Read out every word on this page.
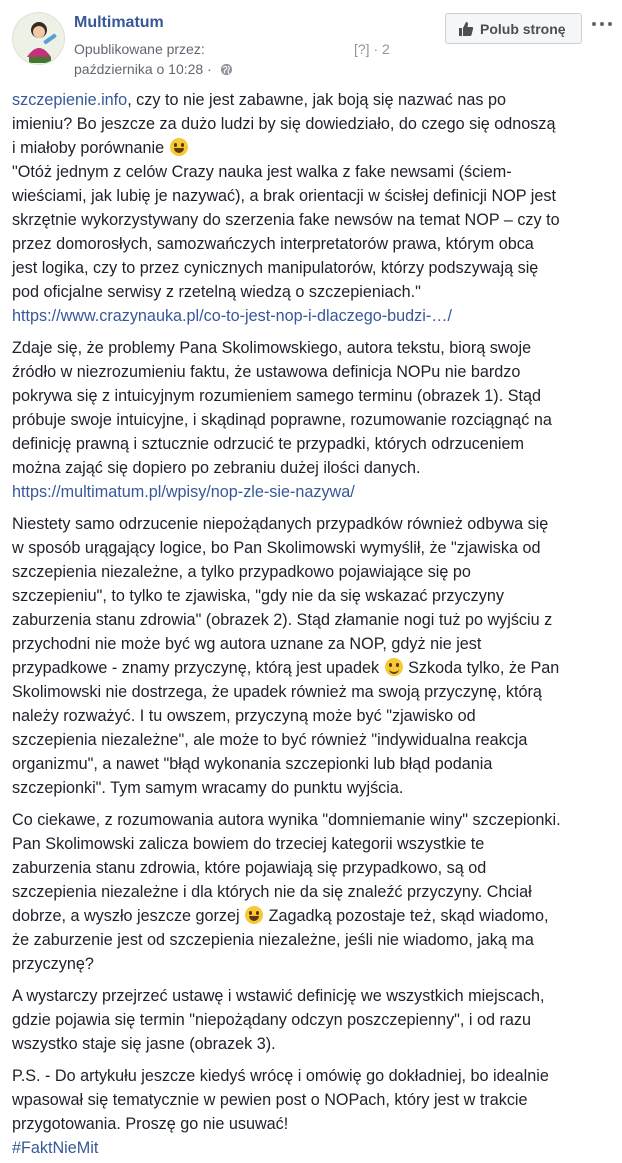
Multimatum
Opublikowane przez:	[?] · 2
października o 10:28 ·
Polub stronę
szczepienie.info, czy to nie jest zabawne, jak boją się nazwać nas po
imieniu? Bo jeszcze za dużo ludzi by się dowiedziało, do czego się odnoszą
i miałoby porównanie
"Otóż jednym z celów Crazy nauka jest walka z fake newsami (ściem-
wieściami, jak lubię je nazywać), a brak orientacji w ścisłej definicji NOP jest
skrzętnie wykorzystywany do szerzenia fake newsów na temat NOP – czy to
przez domorosłych, samozwańczych interpretatorów prawa, którym obca
jest logika, czy to przez cynicznych manipulatorów, którzy podszywają się
pod oficjalne serwisy z rzetelną wiedzą o szczepieniach."
https://www.crazynauka.pl/co-to-jest-nop-i-dlaczego-budzi-…/
Zdaje się, że problemy Pana Skolimowskiego, autora tekstu, biorą swoje
źródło w niezrozumieniu faktu, że ustawowa definicja NOPu nie bardzo
pokrywa się z intuicyjnym rozumieniem samego terminu (obrazek 1). Stąd
próbuje swoje intuicyjne, i skądinąd poprawne, rozumowanie rozciągnąć na
definicję prawną i sztucznie odrzucić te przypadki, których odrzuceniem
można zająć się dopiero po zebraniu dużej ilości danych.
https://multimatum.pl/wpisy/nop-zle-sie-nazywa/
Niestety samo odrzucenie niepożądanych przypadków również odbywa się
w sposób urągający logice, bo Pan Skolimowski wymyślił, że "zjawiska od
szczepienia niezależne, a tylko przypadkowo pojawiające się po
szczepieniu", to tylko te zjawiska, "gdy nie da się wskazać przyczyny
zaburzenia stanu zdrowia" (obrazek 2). Stąd złamanie nogi tuż po wyjściu z
przychodni nie może być wg autora uznane za NOP, gdyż nie jest
przypadkowe - znamy przyczynę, którą jest upadek  Szkoda tylko, że Pan
Skolimowski nie dostrzega, że upadek również ma swoją przyczynę, którą
należy rozważyć. I tu owszem, przyczyną może być "zjawisko od
szczepienia niezależne", ale może to być również "indywidualna reakcja
organizmu", a nawet "błąd wykonania szczepionki lub błąd podania
szczepionki". Tym samym wracamy do punktu wyjścia.
Co ciekawe, z rozumowania autora wynika "domniemanie winy" szczepionki.
Pan Skolimowski zalicza bowiem do trzeciej kategorii wszystkie te
zaburzenia stanu zdrowia, które pojawiają się przypadkowo, są od
szczepienia niezależne i dla których nie da się znaleźć przyczyny. Chciał
dobrze, a wyszło jeszcze gorzej  Zagadką pozostaje też, skąd wiadomo,
że zaburzenie jest od szczepienia niezależne, jeśli nie wiadomo, jaką ma
przyczynę?
A wystarczy przejrzeć ustawę i wstawić definicję we wszystkich miejscach,
gdzie pojawia się termin "niepożądany odczyn poszczepienny", i od razu
wszystko staje się jasne (obrazek 3).
P.S. - Do artykułu jeszcze kiedyś wrócę i omówię go dokładniej, bo idealnie
wpasował się tematycznie w pewien post o NOPach, który jest w trakcie
przygotowania. Proszę go nie usuwać!
#FaktNieMit
